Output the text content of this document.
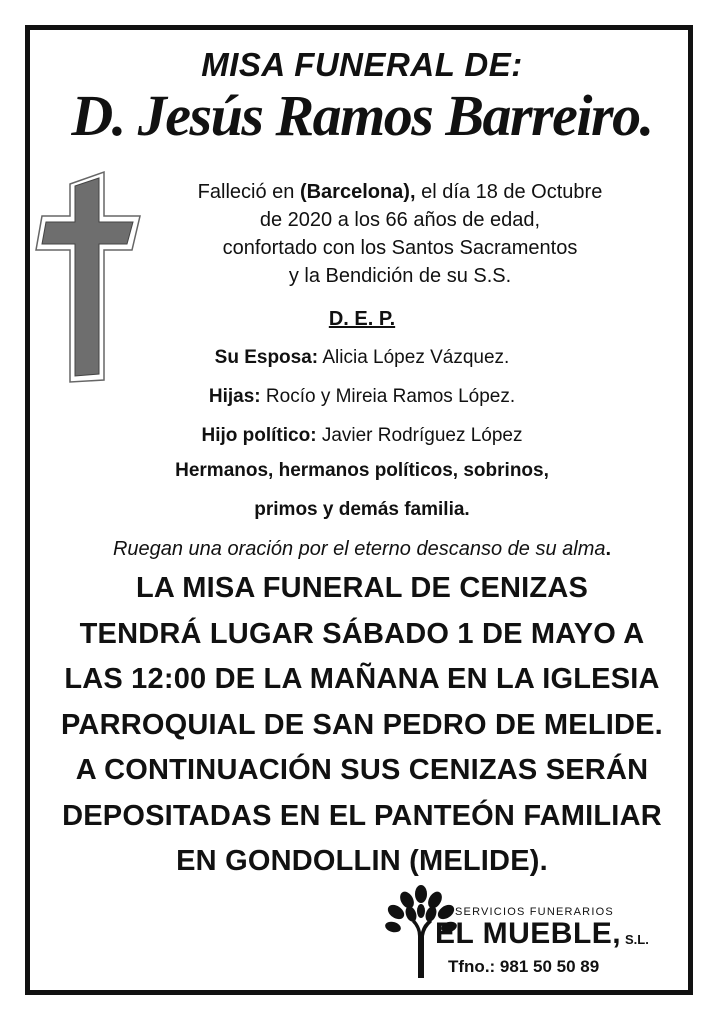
MISA FUNERAL DE:
D. Jesús Ramos Barreiro.
Falleció en (Barcelona), el día 18 de Octubre
de 2020 a los 66 años de edad,
confortado con los Santos Sacramentos
y la Bendición de su S.S.
D. E. P.
Su Esposa: Alicia López Vázquez.
Hijas: Rocío y Mireia Ramos López.
Hijo político: Javier Rodríguez López
Hermanos, hermanos políticos, sobrinos,
primos y demás familia.
Ruegan una oración por el eterno descanso de su alma.
LA MISA FUNERAL DE CENIZAS
TENDRÁ LUGAR SÁBADO 1 DE MAYO A
LAS 12:00 DE LA MAÑANA EN LA IGLESIA
PARROQUIAL DE SAN PEDRO DE MELIDE.
A CONTINUACIÓN SUS CENIZAS SERÁN
DEPOSITADAS EN EL PANTEÓN FAMILIAR
EN GONDOLLIN (MELIDE).
SERVICIOS FUNERARIOS
EL MUEBLE, S.L.
Tfno.: 981 50 50 89
